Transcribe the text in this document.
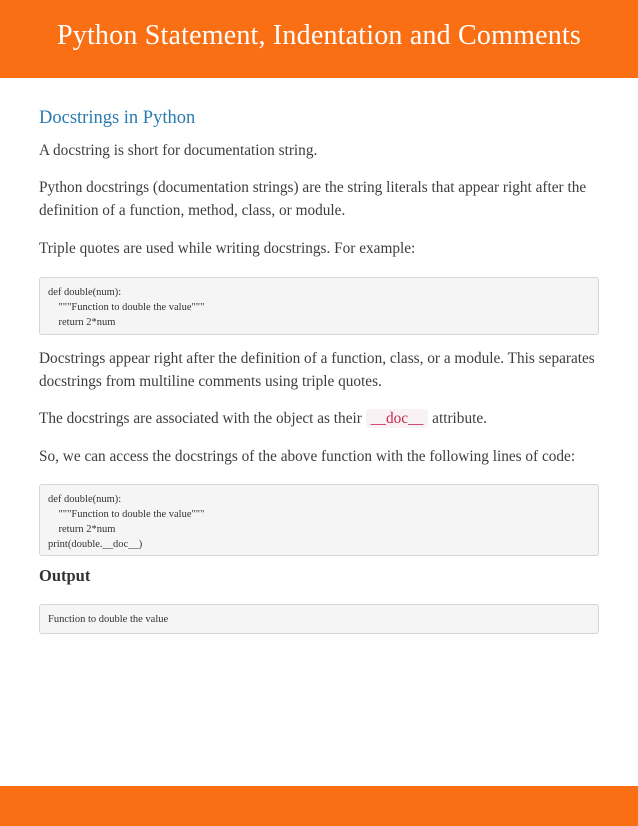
Python Statement, Indentation and Comments
Docstrings in Python

A docstring is short for documentation string.

Python docstrings (documentation strings) are the string literals that appear right after the definition of a function, method, class, or module.

Triple quotes are used while writing docstrings. For example:

def double(num):
"""Function to double the value"""
return 2*num

Docstrings appear right after the definition of a function, class, or a module. This separates docstrings from multiline comments using triple quotes.

The docstrings are associated with the object as their __doc__ attribute.

So, we can access the docstrings of the above function with the following lines of code:

def double(num):
"""Function to double the value"""
return 2*num
print(double.__doc__)
Output
Function to double the value
